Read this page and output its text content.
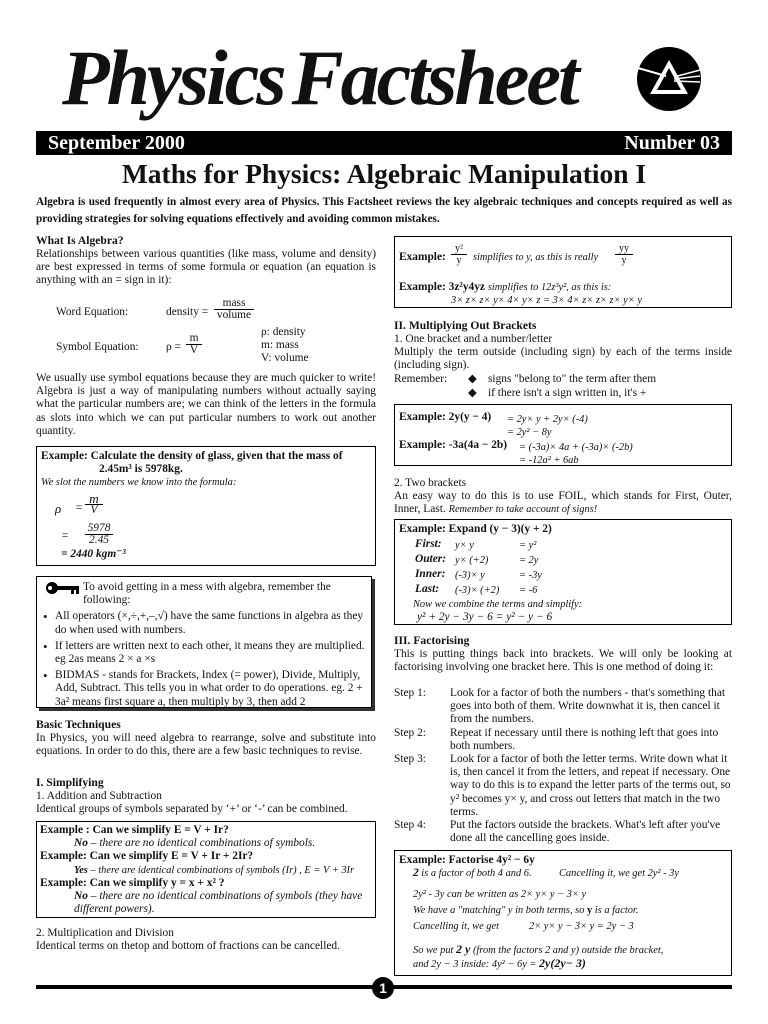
Physics Factsheet
September 2000	Number 03
Maths for Physics: Algebraic Manipulation I
Algebra is used frequently in almost every area of Physics. This Factsheet reviews the key algebraic techniques and concepts required as well as providing strategies for solving equations effectively and avoiding common mistakes.
What Is Algebra?

Relationships between various quantities (like mass, volume and density) are best expressed in terms of some formula or equation (an equation is anything with an = sign in it):

Word Equation:	density =
mass
volume
Symbol Equation: $\rho = \frac{m}{V}$
ρ: density
m: mass
V: volume

We usually use symbol equations because they are much quicker to write! Algebra is just a way of manipulating numbers without actually saying what the particular numbers are; we can think of the letters in the formula as slots into which we can put particular numbers to work out another quantity.

Example: Calculate the density of glass, given that the mass of
2.45m³ is 5978kg.
We slot the numbers we know into the formula:
$\rho = \frac{m}{V}$
= $\frac{5978}{2.45}$
= 2440 kgm⁻³
To avoid getting in a mess with algebra, remember the following:
• All operators (×,÷,+,–,√) have the same functions in algebra as they do when used with numbers.
• If letters are written next to each other, it means they are multiplied. eg 2as means 2 × a ×s
• BIDMAS - stands for Brackets, Index (= power), Divide, Multiply, Add, Subtract. This tells you in what order to do operations. eg. 2 + 3a² means first square a, then multiply by 3, then add 2
Basic Techniques

In Physics, you will need algebra to rearrange, solve and substitute into equations. In order to do this, there are a few basic techniques to revise.

I. Simplifying
1. Addition and Subtraction
Identical groups of symbols separated by ‘+’ or ‘-’ can be combined.
Example : Can we simplify E = V + Ir?
No – there are no identical combinations of symbols.
Example: Can we simplify E = V + Ir + 2Ir?
Yes – there are identical combinations of symbols (Ir) , E = V + 3Ir
Example: Can we simplify y = x + x² ?
No – there are no identical combinations of symbols (they have different powers).
2. Multiplication and Division
Identical terms on thetop and bottom of fractions can be cancelled.
Example: $\frac{\text{y²}}{y}$ simplifies to y, as this is really $\frac{yy}{y}$
Example: 3z²y4yz simplifies to 12z³y², as this is:
3× z× z× y× 4× y× z = 3× 4× z× z× z× y× y
II. Multiplying Out Brackets
1. One bracket and a number/letter

Multiply the term outside (including sign) by each of the terms inside (including sign).

Remember: ◆ signs "belong to" the term after them
◆ if there isn't a sign written in, it's +
Example: 2y(y − 4) = 2y× y + 2y× (-4)
= 2y² − 8y
Example: -3a(4a − 2b) = (-3a)× 4a + (-3a)× (-2b)
= -12a² + 6ab
2. Two brackets

An easy way to do this is to use FOIL, which stands for First, Outer, Inner, Last. Remember to take account of signs!

Example: Expand (y − 3)(y + 2)
First: y× y	= y²
Outer: y× (+2)	= 2y
Inner: (-3)× y	= -3y
Last: (-3)× (+2) = -6
Now we combine the terms and simplify:
y² + 2y − 3y − 6 = y² − y − 6
III. Factorising

This is putting things back into brackets. We will only be looking at factorising involving one bracket here. This is one method of doing it:

Step 1: Look for a factor of both the numbers - that's something that goes into both of them. Write downwhat it is, then cancel it from the numbers.
Step 2: Repeat if necessary until there is nothing left that goes into both numbers.
Step 3: Look for a factor of both the letter terms. Write down what it is, then cancel it from the letters, and repeat if necessary. One way to do this is to expand the letter parts of the terms out, so y² becomes y× y, and cross out letters that match in the two terms.
Step 4: Put the factors outside the brackets. What's left after you've done all the cancelling goes inside.
Example: Factorise 4y² − 6y
2 is a factor of both 4 and 6.	Cancelling it, we get 2y² - 3y
2y² - 3y can be written as 2× y× y − 3× y
We have a "matching" y in both terms, so y is a factor.
Cancelling it, we get	2× y× y − 3× y = 2y − 3
So we put 2 y (from the factors 2 and y) outside the bracket,
and 2y − 3 inside: 4y² − 6y = 2y(2y− 3)
1
